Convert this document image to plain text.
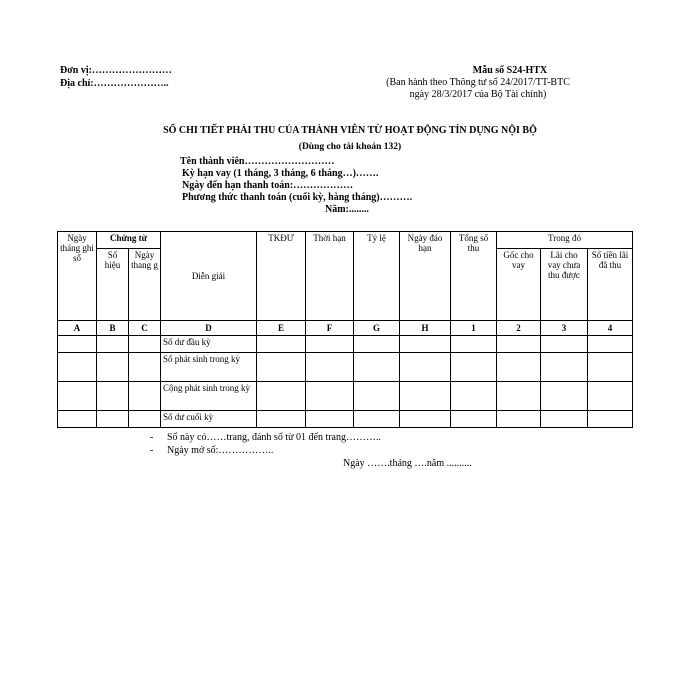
Đơn vị:……………………
Địa chỉ:…………………..
Mẫu số S24-HTX
(Ban hành theo Thông tư số 24/2017/TT-BTC
ngày 28/3/2017 của Bộ Tài chính)
SỔ CHI TIẾT PHẢI THU CỦA THÀNH VIÊN TỪ HOẠT ĐỘNG TÍN DỤNG NỘI BỘ
(Dùng cho tài khoản 132)
Tên thành viên………………………
Kỳ hạn vay (1 tháng, 3 tháng, 6 tháng…)…….
Ngày đến hạn thanh toán:………………
Phương thức thanh toán (cuối kỳ, hàng tháng)……….
Năm:........
Ngày tháng ghi sổ	Chứng từ		Diễn giải	TKĐƯ	Thời hạn	Tỷ lệ	Ngày đáo hạn	Tổng số thu	Trong đó		
	Số hiệu	Ngày thang g							Gốc cho vay	Lãi cho vay chưa thu được	Số tiền lãi đã thu
A	B	C	D	E	F	G	H	1	2	3	4
			Số dư đầu kỳ								
			Số phát sinh trong kỳ								
			Cộng phát sinh trong kỳ								
			Số dư cuối kỳ								
- Sổ này có……trang, đánh số từ 01 đến trang………..
- Ngày mở sổ:……………..
Ngày …….tháng ….năm ..........
